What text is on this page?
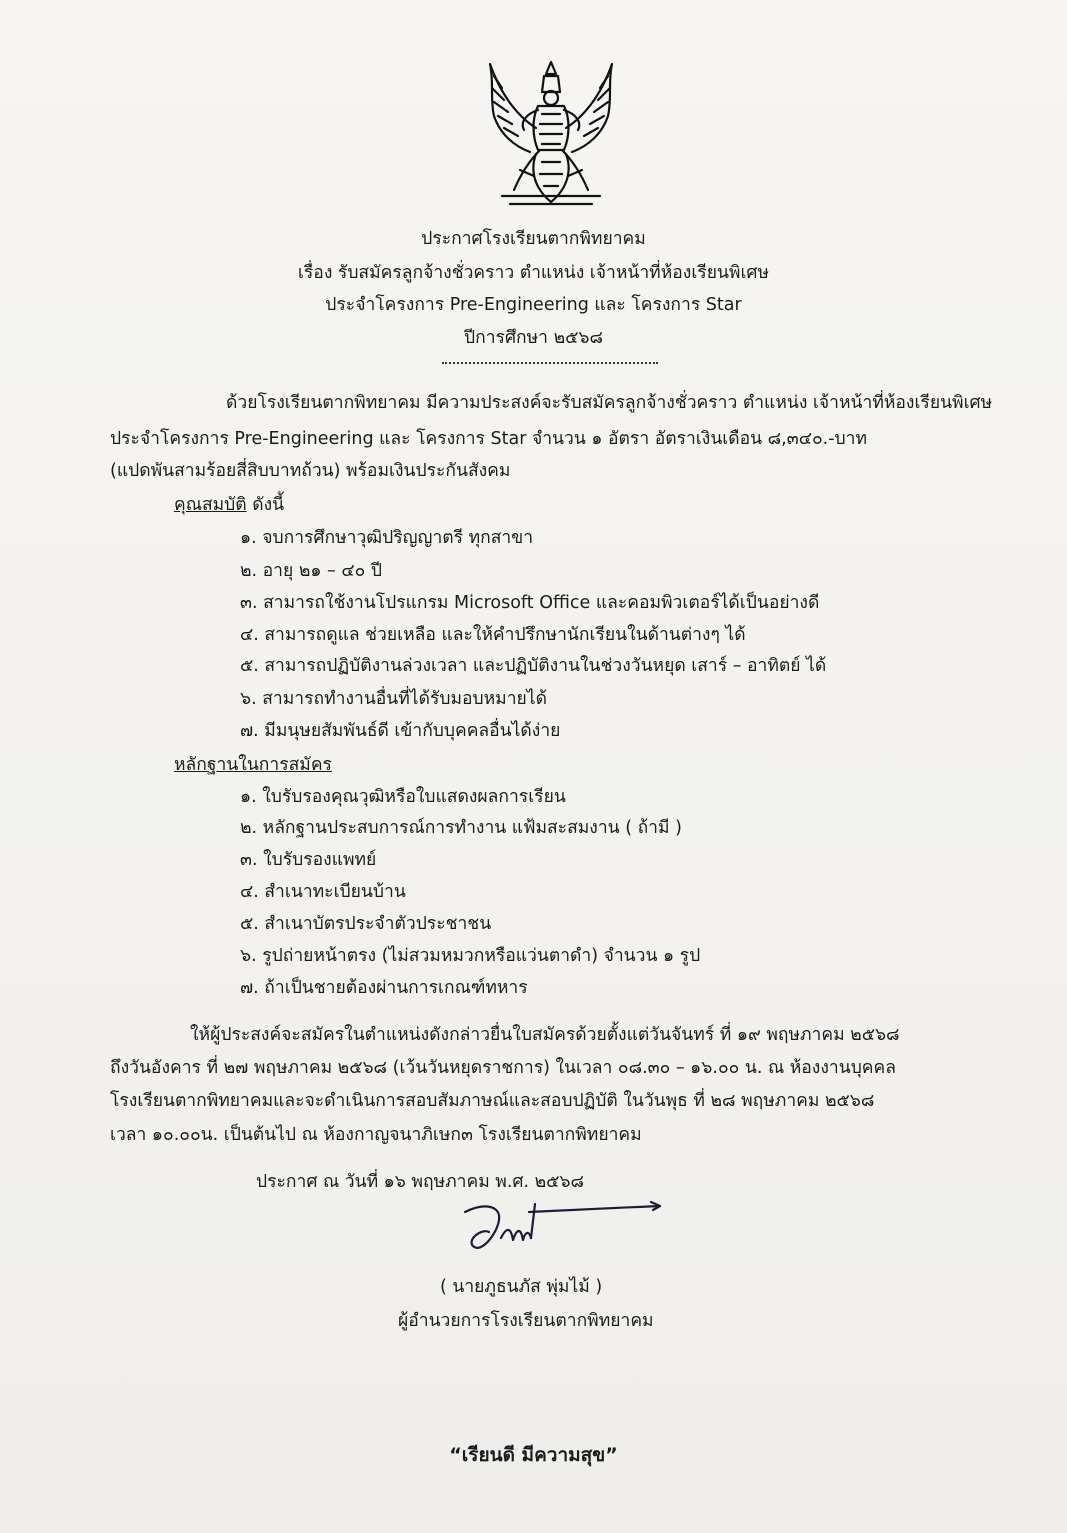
ประกาศโรงเรียนตากพิทยาคม
เรื่อง รับสมัครลูกจ้างชั่วคราว ตำแหน่ง เจ้าหน้าที่ห้องเรียนพิเศษ
ประจำโครงการ Pre-Engineering และ โครงการ Star
ปีการศึกษา ๒๕๖๘
ด้วยโรงเรียนตากพิทยาคม มีความประสงค์จะรับสมัครลูกจ้างชั่วคราว ตำแหน่ง เจ้าหน้าที่ห้องเรียนพิเศษ
ประจำโครงการ Pre-Engineering และ โครงการ Star จำนวน ๑ อัตรา อัตราเงินเดือน ๘,๓๔๐.-บาท
(แปดพันสามร้อยสี่สิบบาทถ้วน) พร้อมเงินประกันสังคม
คุณสมบัติ ดังนี้
๑. จบการศึกษาวุฒิปริญญาตรี ทุกสาขา
๒. อายุ ๒๑ – ๔๐ ปี
๓. สามารถใช้งานโปรแกรม Microsoft Office และคอมพิวเตอร์ได้เป็นอย่างดี
๔. สามารถดูแล ช่วยเหลือ และให้คำปรึกษานักเรียนในด้านต่างๆ ได้
๕. สามารถปฏิบัติงานล่วงเวลา และปฏิบัติงานในช่วงวันหยุด เสาร์ – อาทิตย์ ได้
๖. สามารถทำงานอื่นที่ได้รับมอบหมายได้
๗. มีมนุษยสัมพันธ์ดี เข้ากับบุคคลอื่นได้ง่าย
หลักฐานในการสมัคร
๑. ใบรับรองคุณวุฒิหรือใบแสดงผลการเรียน
๒. หลักฐานประสบการณ์การทำงาน แฟ้มสะสมงาน ( ถ้ามี )
๓. ใบรับรองแพทย์
๔. สำเนาทะเบียนบ้าน
๕. สำเนาบัตรประจำตัวประชาชน
๖. รูปถ่ายหน้าตรง (ไม่สวมหมวกหรือแว่นตาดำ) จำนวน ๑ รูป
๗. ถ้าเป็นชายต้องผ่านการเกณฑ์ทหาร
ให้ผู้ประสงค์จะสมัครในตำแหน่งดังกล่าวยื่นใบสมัครด้วยตั้งแต่วันจันทร์ ที่ ๑๙ พฤษภาคม ๒๕๖๘
ถึงวันอังคาร ที่ ๒๗ พฤษภาคม ๒๕๖๘ (เว้นวันหยุดราชการ) ในเวลา ๐๘.๓๐ – ๑๖.๐๐ น. ณ ห้องงานบุคคล
โรงเรียนตากพิทยาคมและจะดำเนินการสอบสัมภาษณ์และสอบปฏิบัติ ในวันพุธ ที่ ๒๘ พฤษภาคม ๒๕๖๘
เวลา ๑๐.๐๐น. เป็นต้นไป ณ ห้องกาญจนาภิเษก๓ โรงเรียนตากพิทยาคม
ประกาศ ณ วันที่ ๑๖ พฤษภาคม พ.ศ. ๒๕๖๘
( นายภูธนภัส พุ่มไม้ )
ผู้อำนวยการโรงเรียนตากพิทยาคม
“เรียนดี มีความสุข”
